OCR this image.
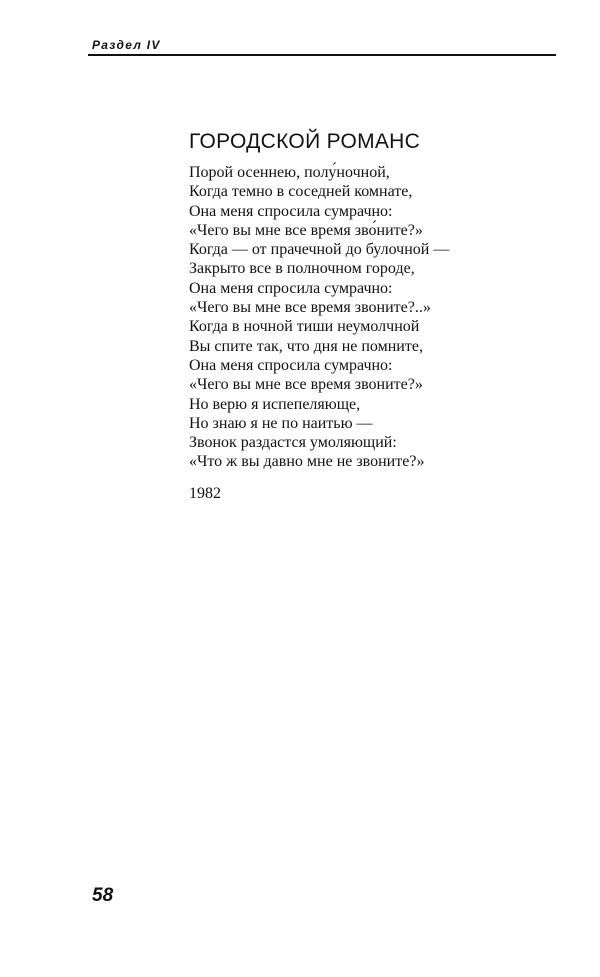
Раздел IV
ГОРОДСКОЙ РОМАНС
Порой осеннею, полу́ночной,
Когда темно в соседней комнате,
Она меня спросила сумрачно:
«Чего вы мне все время зво́ните?»
Когда — от прачечной до булочной —
Закрыто все в полночном городе,
Она меня спросила сумрачно:
«Чего вы мне все время звоните?..»
Когда в ночной тиши неумолчной
Вы спите так, что дня не помните,
Она меня спросила сумрачно:
«Чего вы мне все время звоните?»
Но верю я испепеляюще,
Но знаю я не по наитью —
Звонок раздастся умоляющий:
«Что ж вы давно мне не звоните?»
1982
58
